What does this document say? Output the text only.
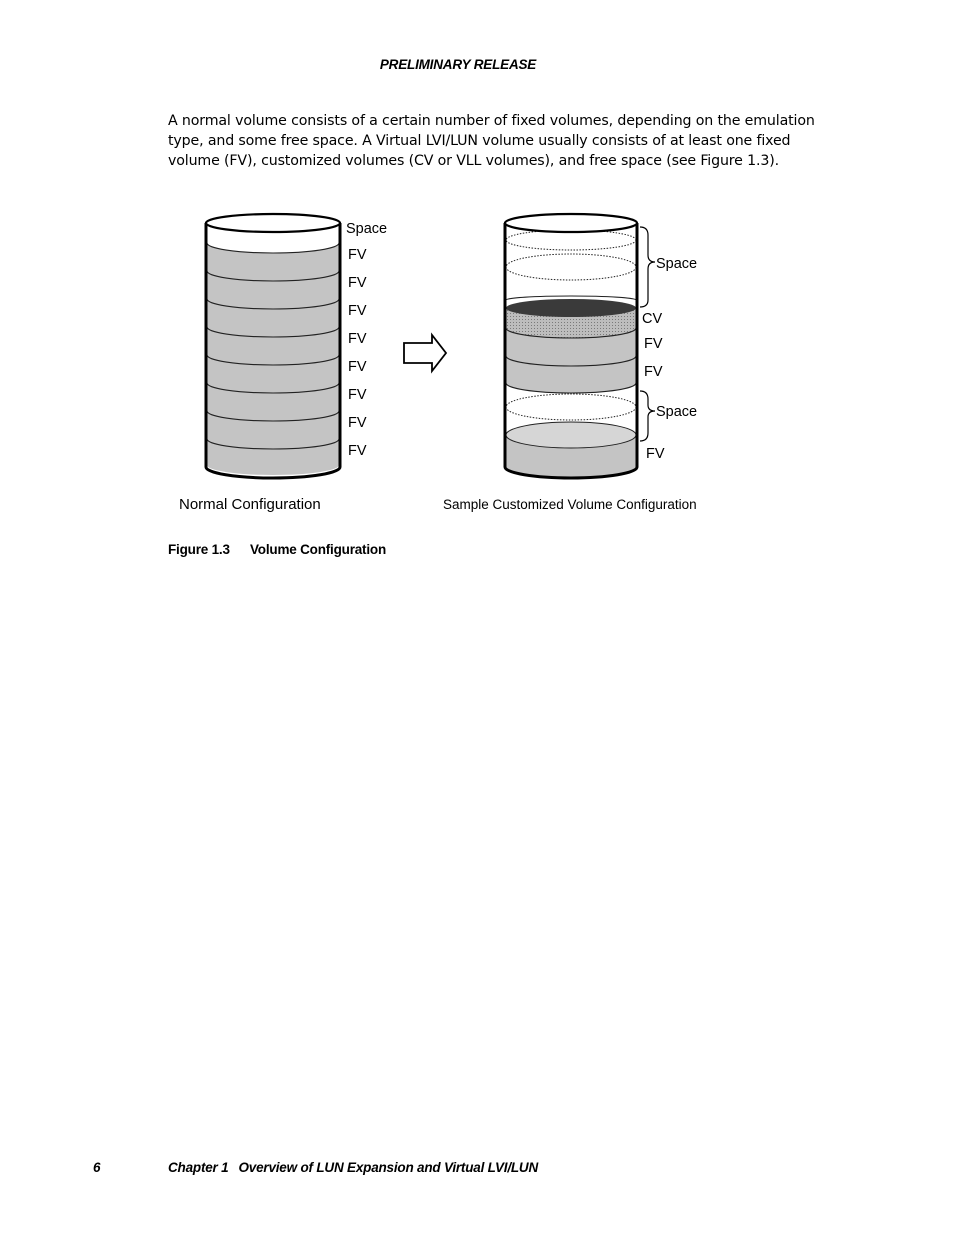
PRELIMINARY RELEASE
A normal volume consists of a certain number of fixed volumes, depending on the emulation type, and some free space. A Virtual LVI/LUN volume usually consists of at least one fixed volume (FV), customized volumes (CV or VLL volumes), and free space (see Figure 1.3).
Space
FV
FV
FV
FV
FV
FV
FV
FV
Space
CV
FV
FV
Space
FV
Normal Configuration	Sample Customized Volume Configuration
Figure 1.3 Volume Configuration
6	Chapter 1 Overview of LUN Expansion and Virtual LVI/LUN
